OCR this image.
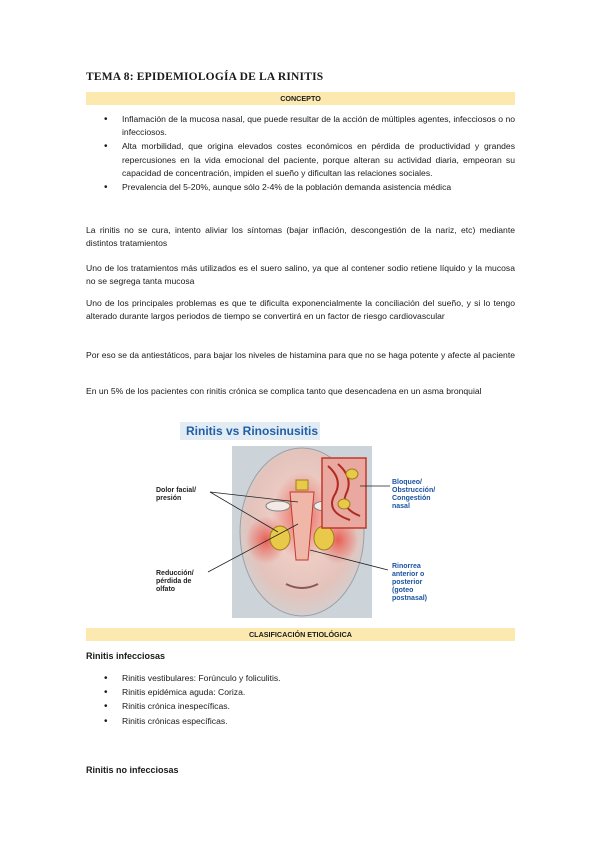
TEMA 8: EPIDEMIOLOGÍA DE LA RINITIS
CONCEPTO
• Inflamación de la mucosa nasal, que puede resultar de la acción de múltiples agentes, infecciosos o no infecciosos.
• Alta morbilidad, que origina elevados costes económicos en pérdida de productividad y grandes repercusiones en la vida emocional del paciente, porque alteran su actividad diaria, empeoran su capacidad de concentración, impiden el sueño y dificultan las relaciones sociales.
• Prevalencia del 5-20%, aunque sólo 2-4% de la población demanda asistencia médica
La rinitis no se cura, intento aliviar los síntomas (bajar inflación, descongestión de la nariz, etc) mediante distintos tratamientos
Uno de los tratamientos más utilizados es el suero salino, ya que al contener sodio retiene líquido y la mucosa no se segrega tanta mucosa
Uno de los principales problemas es que te dificulta exponencialmente la conciliación del sueño, y si lo tengo alterado durante largos periodos de tiempo se convertirá en un factor de riesgo cardiovascular
Por eso se da antiestáticos, para bajar los niveles de histamina para que no se haga potente y afecte al paciente
En un 5% de los pacientes con rinitis crónica se complica tanto que desencadena en un asma bronquial
Rinitis vs Rinosinusitis
Dolor facial/ presión
Reducción/ pérdida de olfato
Bloqueo/ Obstrucción/ Congestión nasal
Rinorrea anterior o posterior (goteo postnasal)
CLASIFICACIÓN ETIOLÓGICA
Rinitis infecciosas
• Rinitis vestibulares: Forúnculo y foliculitis.
• Rinitis epidémica aguda: Coriza.
• Rinitis crónica inespecíficas.
• Rinitis crónicas específicas.
Rinitis no infecciosas
